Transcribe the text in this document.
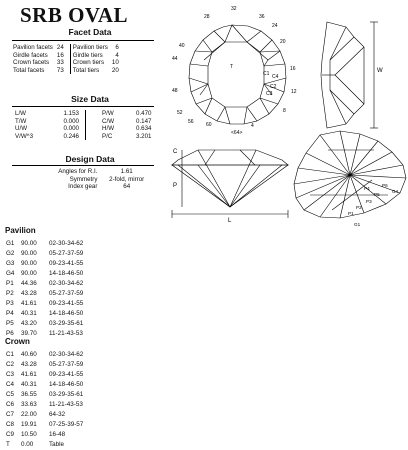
SRB OVAL
Facet Data
Pavilion facets	24	Pavilion tiers	6
Girdle facets	16	Girdle tiers	4
Crown facets	33	Crown tiers	10
Total facets	73	Total tiers	20
Size Data
L/W	1.153	P/W	0.470
T/W	0.000	C/W	0.147
U/W	0.000	H/W	0.634
V/W^3	0.246	P/C	3.201
Design Data
Angles for R.I.	1.61
Symmetry	2-fold, mirror
Index gear	64
Pavilion
G1	90.00	02-30-34-62
G2	90.00	05-27-37-59
G3	90.00	09-23-41-55
G4	90.00	14-18-46-50
P1	44.36	02-30-34-62
P2	43.28	05-27-37-59
P3	41.61	09-23-41-55
P4	40.31	14-18-46-50
P5	43.20	03-29-35-61
P6	39.70	11-21-43-53
Crown
C1	40.60	02-30-34-62
C2	43.28	05-27-37-59
C3	41.61	09-23-41-55
C4	40.31	14-18-46-50
C5	36.55	03-29-35-61
C6	33.63	11-21-43-53
C7	22.00	64-32
C8	19.91	07-25-39-57
C9	10.50	16-48
T	0.00	Table
32
28	36
24
40
20
44
16
48	12
52	8
56
4
60
<64>
T
C1
C2
C3
C4
W
C
P
L
G4
P6
P5
P4
P3
P2
P1
G1
